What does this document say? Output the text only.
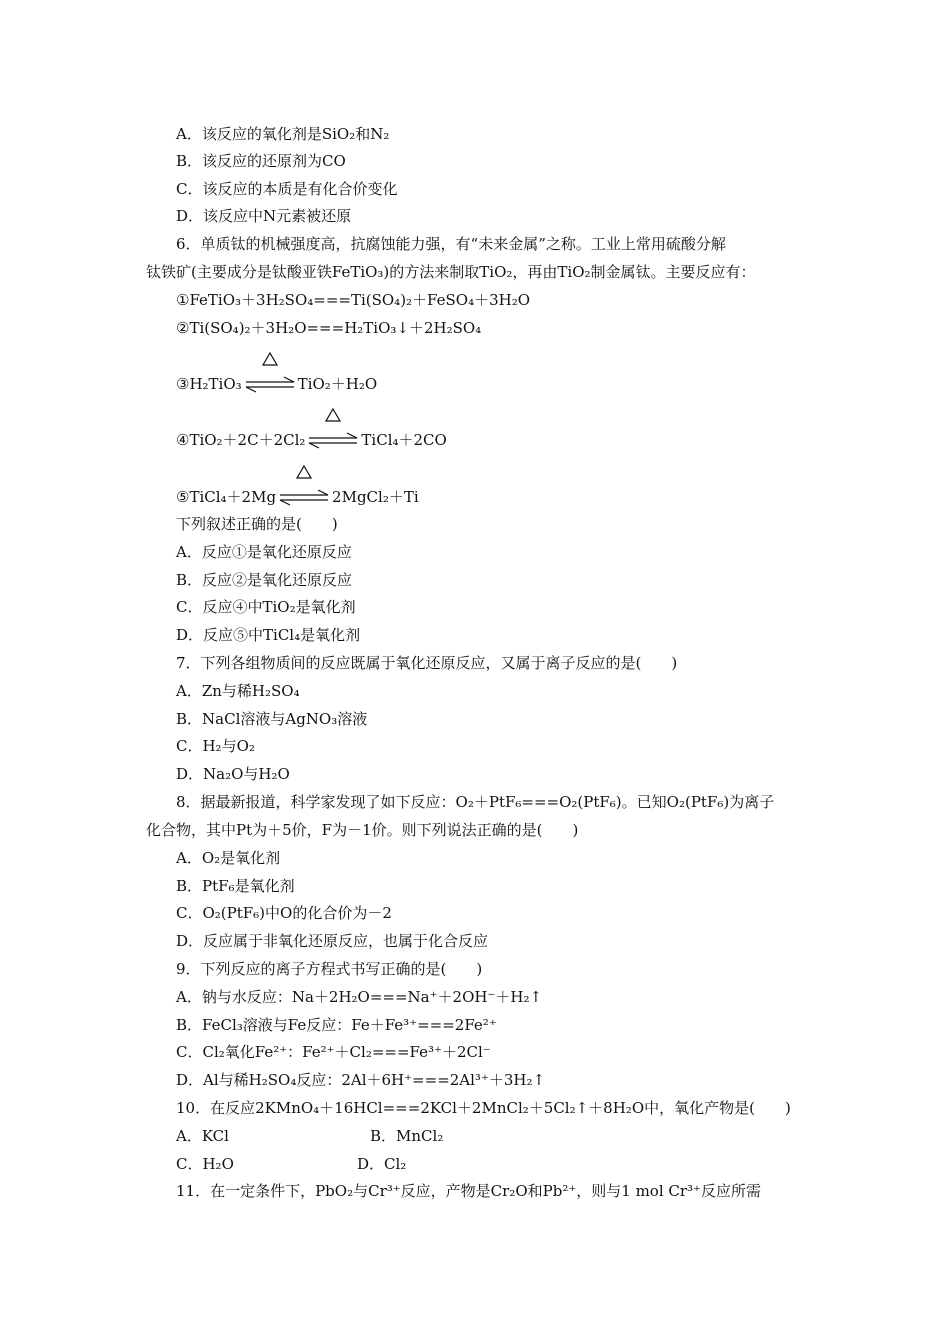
A．该反应的氧化剂是SiO₂和N₂
B．该反应的还原剂为CO
C．该反应的本质是有化合价变化
D．该反应中N元素被还原
6．单质钛的机械强度高，抗腐蚀能力强，有“未来金属”之称。工业上常用硫酸分解
钛铁矿(主要成分是钛酸亚铁FeTiO₃)的方法来制取TiO₂，再由TiO₂制金属钛。主要反应有：
①FeTiO₃＋3H₂SO₄===Ti(SO₄)₂＋FeSO₄＋3H₂O
②Ti(SO₄)₂＋3H₂O===H₂TiO₃↓＋2H₂SO₄
③H₂TiO₃	TiO₂＋H₂O
④TiO₂＋2C＋2Cl₂	TiCl₄＋2CO
⑤TiCl₄＋2Mg	2MgCl₂＋Ti
下列叙述正确的是(　　)
A．反应①是氧化还原反应
B．反应②是氧化还原反应
C．反应④中TiO₂是氧化剂
D．反应⑤中TiCl₄是氧化剂
7．下列各组物质间的反应既属于氧化还原反应，又属于离子反应的是(　　)
A．Zn与稀H₂SO₄
B．NaCl溶液与AgNO₃溶液
C．H₂与O₂
D．Na₂O与H₂O
8．据最新报道，科学家发现了如下反应：O₂＋PtF₆===O₂(PtF₆)。已知O₂(PtF₆)为离子
化合物，其中Pt为＋5价，F为－1价。则下列说法正确的是(　　)
A．O₂是氧化剂
B．PtF₆是氧化剂
C．O₂(PtF₆)中O的化合价为－2
D．反应属于非氧化还原反应，也属于化合反应
9．下列反应的离子方程式书写正确的是(　　)
A．钠与水反应：Na＋2H₂O===Na⁺＋2OH⁻＋H₂↑
B．FeCl₃溶液与Fe反应：Fe＋Fe³⁺===2Fe²⁺
C．Cl₂氧化Fe²⁺：Fe²⁺＋Cl₂===Fe³⁺＋2Cl⁻
D．Al与稀H₂SO₄反应：2Al＋6H⁺===2Al³⁺＋3H₂↑
10．在反应2KMnO₄＋16HCl===2KCl＋2MnCl₂＋5Cl₂↑＋8H₂O中，氧化产物是(　　)
A．KCl	B．MnCl₂
C．H₂O	D．Cl₂
11．在一定条件下，PbO₂与Cr³⁺反应，产物是Cr₂O和Pb²⁺，则与1 mol Cr³⁺反应所需
